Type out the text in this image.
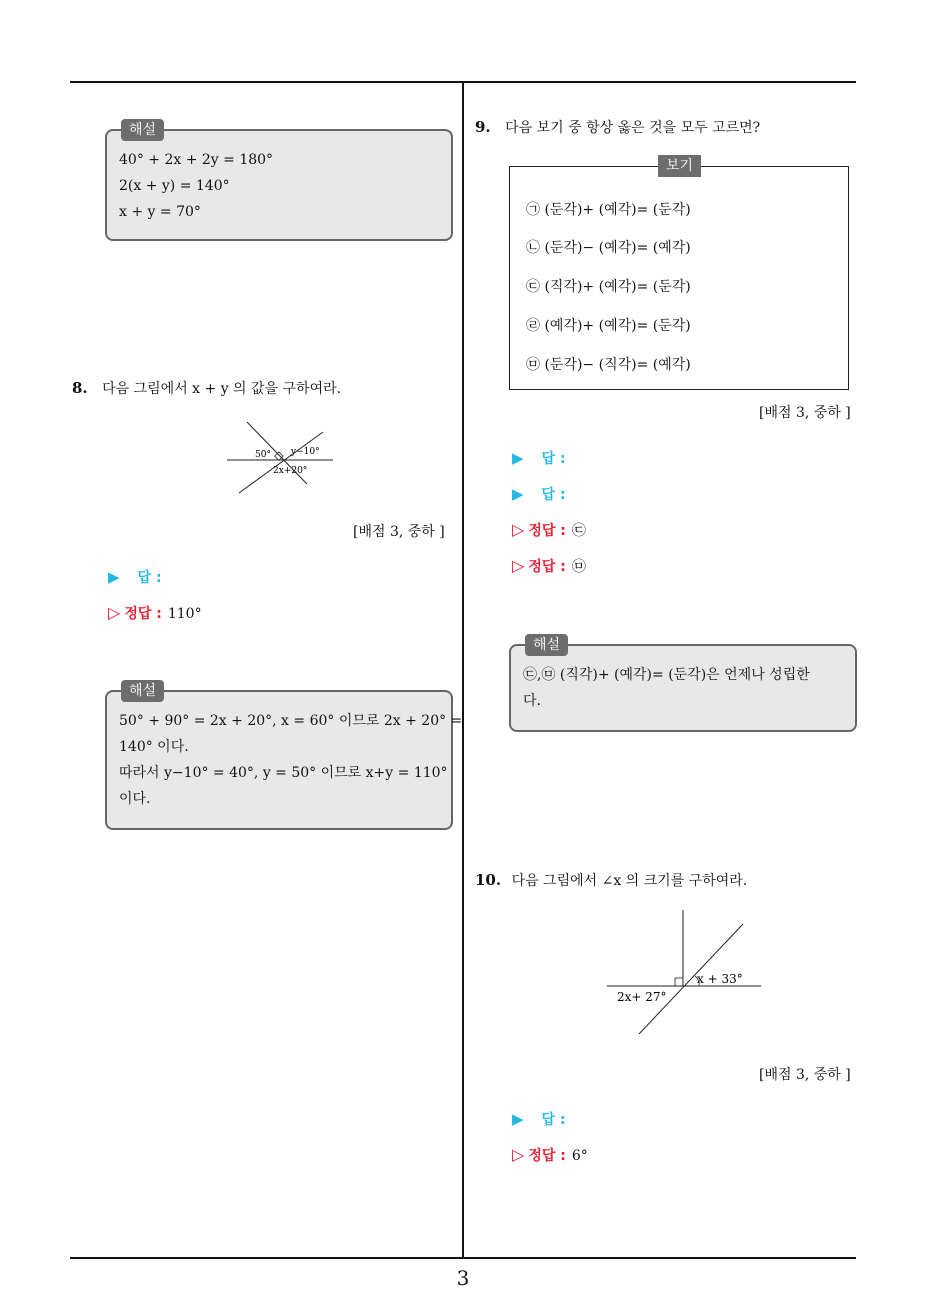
해설
40° + 2x + 2y = 180°
2(x + y) = 140°
x + y = 70°
8. 다음 그림에서 x + y 의 값을 구하여라.
50° y−10°
2x+20°
[배점 3, 중하 ]
▶ 답 :
▷ 정답 : 110°
해설
50° + 90° = 2x + 20°, x = 60° 이므로 2x + 20° =
140° 이다.
따라서 y−10° = 40°, y = 50° 이므로 x+y = 110°
이다.
9. 다음 보기 중 항상 옳은 것을 모두 고르면?
보기
㉠ (둔각)+ (예각)= (둔각)
㉡ (둔각)− (예각)= (예각)
㉢ (직각)+ (예각)= (둔각)
㉣ (예각)+ (예각)= (둔각)
㉤ (둔각)− (직각)= (예각)
[배점 3, 중하 ]
▶ 답 :
▶ 답 :
▷ 정답 : ㉢
▷ 정답 : ㉤
해설
㉢,㉤ (직각)+ (예각)= (둔각)은 언제나 성립한
다.
10. 다음 그림에서 ∠x 의 크기를 구하여라.
x + 33°
2x+ 27°
[배점 3, 중하 ]
▶ 답 :
▷ 정답 : 6°
3
